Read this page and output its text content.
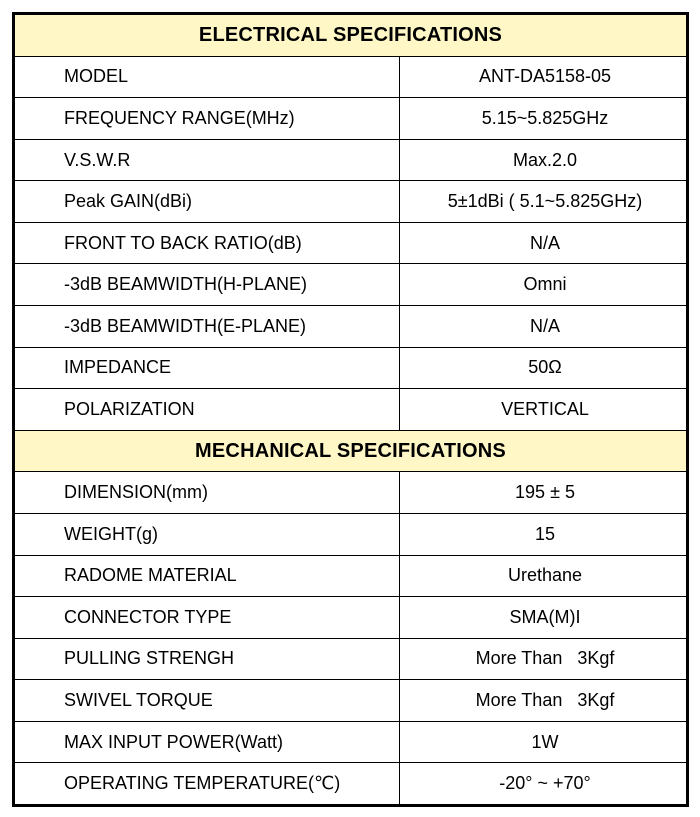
ELECTRICAL SPECIFICATIONS
MODEL	ANT-DA5158-05
FREQUENCY RANGE(MHz)	5.15~5.825GHz
V.S.W.R	Max.2.0
Peak GAIN(dBi)	5±1dBi ( 5.1~5.825GHz)
FRONT TO BACK RATIO(dB)	N/A
-3dB BEAMWIDTH(H-PLANE)	Omni
-3dB BEAMWIDTH(E-PLANE)	N/A
IMPEDANCE	50Ω
POLARIZATION	VERTICAL
MECHANICAL SPECIFICATIONS
DIMENSION(mm)	195 ± 5
WEIGHT(g)	15
RADOME MATERIAL	Urethane
CONNECTOR TYPE	SMA(M)I
PULLING STRENGH	More Than   3Kgf
SWIVEL TORQUE	More Than   3Kgf
MAX INPUT POWER(Watt)	1W
OPERATING TEMPERATURE(℃)	-20° ~ +70°
